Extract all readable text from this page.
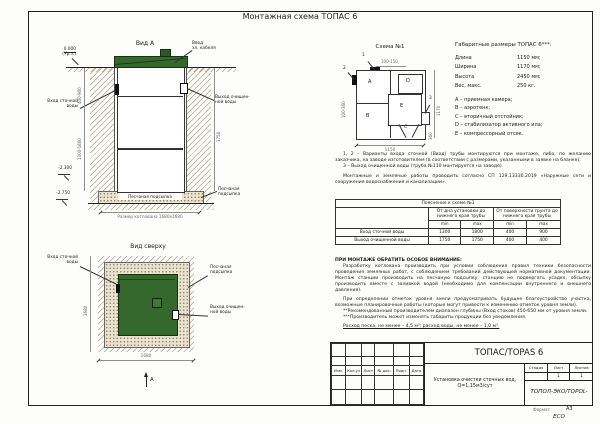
Монтажная схема ТОПАС 6
Вид А
Песчаная подсыпка
0.000
(Ур.з.)
Ввод
эл. кабеля
Вход сточной
воды
Выход очищен-
ной воды
400-900
1300-1800
1750
-2.300
-2.750
Песчаная
подсыпка
Размер котлована 1680х1680
Вид сверху
Вход сточной
воды
Песчаная
подсыпка
Выход очищен-
ной воды
1680
1680
А
Схема №1
A
B
C
D
E
1
2
3
100-150
100-300	1170
360
1150
Габаритные размеры ТОПАС 6***:
Длина	1150 мм;
Ширина	1170 мм;
Высота	2450 мм;
Вес, макс.	250 кг.
A – приемная камера;
B – аэротенк;
C – вторичный отстойник;
D – стабилизатор активного ила;
E – компрессорный отсек.
1, 2 – Варианты входа сточной (Ввод) трубы монтируются при монтаже, либо, по желанию заказчика, на заводе изготовителем (в соответствии с размерами, указанными в заявке на бланке);
3 – Выход очищенной воды (труба №110 монтируется на заводе).
Монтажные и земляные работы проводить согласно СП 129.13330.2019 «Наружные сети и сооружения водоснабжения и канализации».
Пояснение к схеме №1				
	От дна установки до нижнего края трубы		От поверхности грунта до нижнего края трубы	
	min	max	min	max
Вход сточной воды	1300	1800	400	900
Выход очищенной воды	1750	1750	400	400
ПРИ МОНТАЖЕ ОБРАТИТЬ ОСОБОЕ ВНИМАНИЕ:
Разработку котлована производить при условии соблюдения правил техники безопасности проведения земляных работ, с соблюдением требований действующей нормативной документации. Монтаж станции производить на песчаную подсыпку, станцию не подвергать усадке, обсыпку производить вместе с заливкой водой (необходимо для компенсации внутреннего и внешнего давления).
При определении отметок уровня земли предусматривать будущее благоустройство участка, возможные планировочные работы (которые могут привести к изменению отметок уровня земли).
**Рекомендованный производителем диапазон глубины (Вход стоков) 450-650 мм от уровня земли.
***Производитель может изменять габариты продукции без уведомления.
Расход песка, не менее – 4,5 м³; расход воды, не менее – 1,0 м³.

Изм.	Кол.уч	Лист	№ док.	Подп.	Дата

ТОПАС/TOPAS 6
Установка очистки сточных вод,
Q=1,15м3/сут
Стадия	Лист	Листов
1	1
ТОПОЛ-ЭКО/TOPOL-ECO
Формат	А3
